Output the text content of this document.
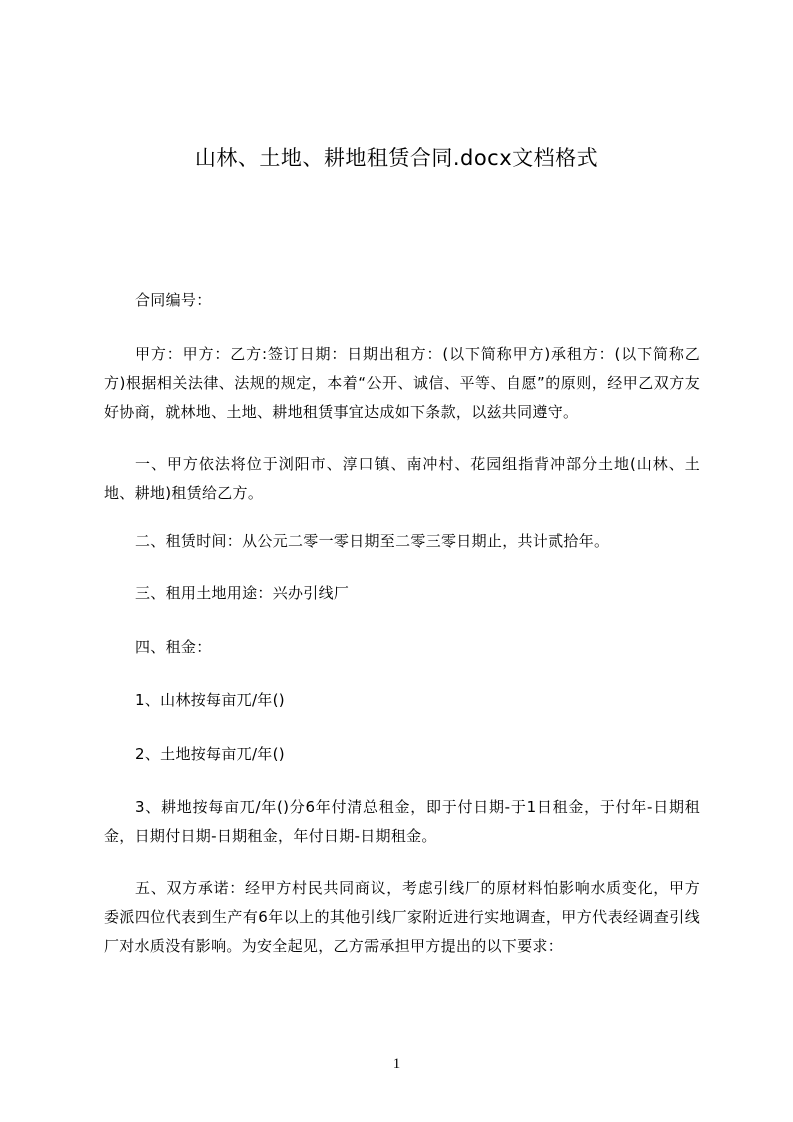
山林、土地、耕地租赁合同.docx文档格式
合同编号：
甲方：甲方：乙方:签订日期：日期出租方：(以下简称甲方)承租方：(以下简称乙方)根据相关法律、法规的规定，本着“公开、诚信、平等、自愿”的原则，经甲乙双方友好协商，就林地、土地、耕地租赁事宜达成如下条款，以兹共同遵守。
一、甲方依法将位于浏阳市、淳口镇、南冲村、花园组指背冲部分土地(山林、土地、耕地)租赁给乙方。
二、租赁时间：从公元二零一零日期至二零三零日期止，共计贰拾年。
三、租用土地用途：兴办引线厂
四、租金：
1、山林按每亩兀/年()
2、土地按每亩兀/年()
3、耕地按每亩兀/年()分6年付清总租金，即于付日期-于1日租金，于付年-日期租金，日期付日期-日期租金，年付日期-日期租金。
五、双方承诺：经甲方村民共同商议，考虑引线厂的原材料怕影响水质变化，甲方委派四位代表到生产有6年以上的其他引线厂家附近进行实地调查，甲方代表经调查引线厂对水质没有影响。为安全起见，乙方需承担甲方提出的以下要求：
1
